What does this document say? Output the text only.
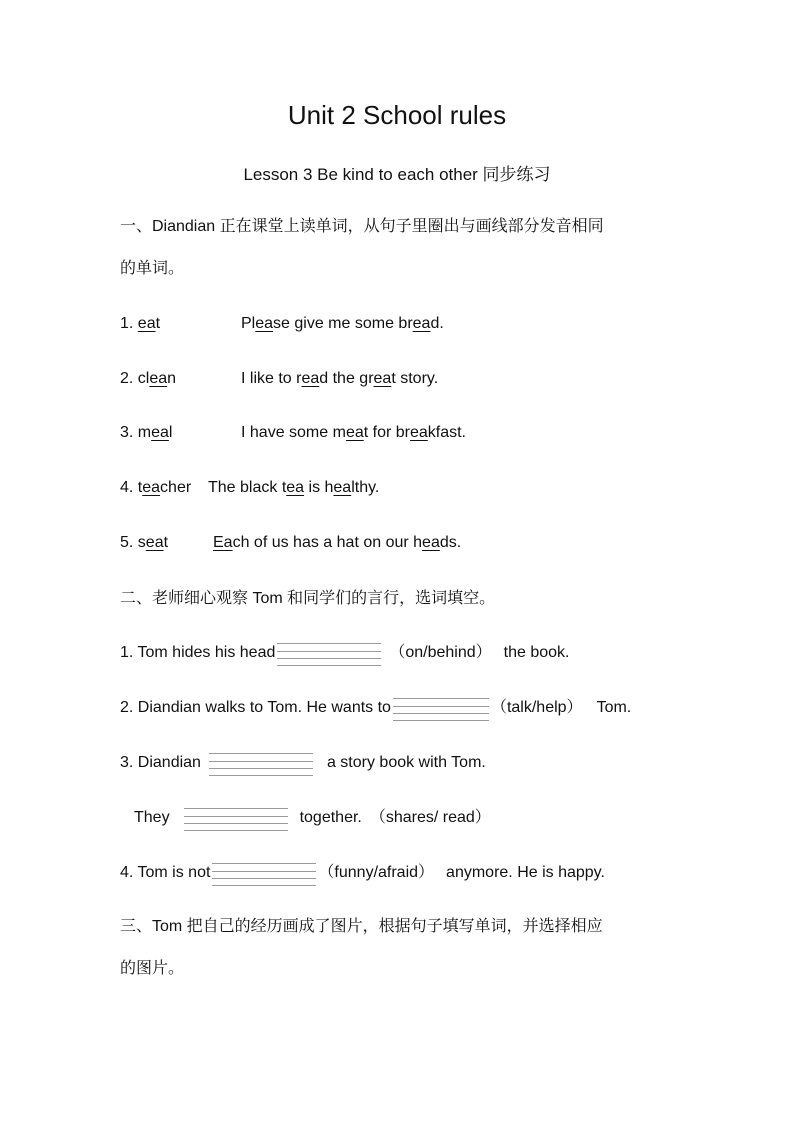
Unit 2 School rules
Lesson 3 Be kind to each other 同步练习
一、Diandian 正在课堂上读单词，从句子里圈出与画线部分发音相同
的单词。
1. eat	Please give me some bread.
2. clean	I like to read the great story.
3. meal	I have some meat for breakfast.
4. teacher The black tea is healthy.
5. seat	Each of us has a hat on our heads.
二、老师细心观察 Tom 和同学们的言行，选词填空。
1. Tom hides his head	（on/behind） the book.
2. Diandian walks to Tom. He wants to	（talk/help） Tom.
3. Diandian	a story book with Tom.
They	together. （shares/ read）
4. Tom is not	（funny/afraid） anymore. He is happy.
三、Tom 把自己的经历画成了图片，根据句子填写单词，并选择相应
的图片。
